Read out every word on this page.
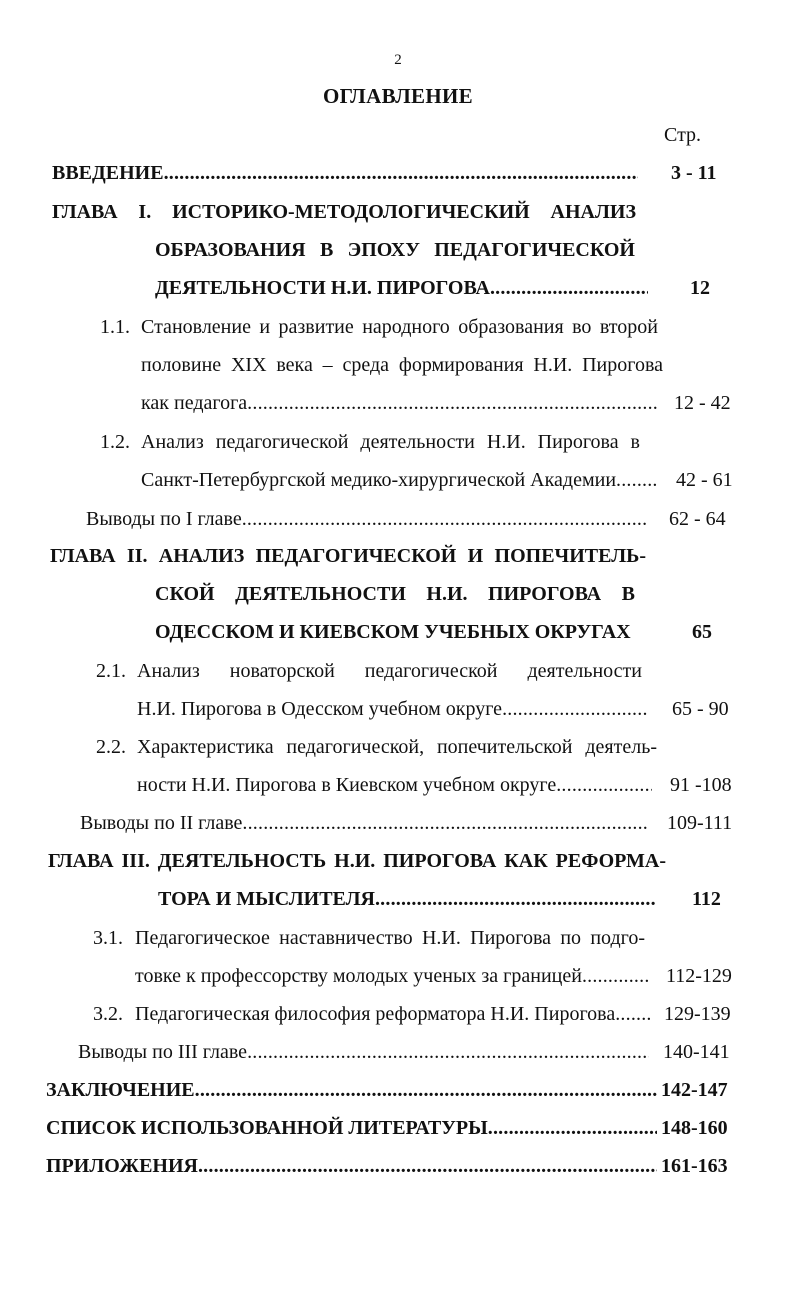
2
ОГЛАВЛЕНИЕ
Стр.
ВВЕДЕНИЕ .....	3 - 11
ГЛАВА I. ИСТОРИКО-МЕТОДОЛОГИЧЕСКИЙ АНАЛИЗ
ОБРАЗОВАНИЯ В ЭПОХУ ПЕДАГОГИЧЕСКОЙ
ДЕЯТЕЛЬНОСТИ Н.И. ПИРОГОВА .....	12
1.1. Становление и развитие народного образования во второй
половине XIX века – среда формирования Н.И. Пирогова
как педагога .....	12 - 42
1.2. Анализ педагогической деятельности Н.И. Пирогова в
Санкт-Петербургской медико-хирургической Академии .....	42 - 61
Выводы по I главе .....	62 - 64
ГЛАВА II. АНАЛИЗ ПЕДАГОГИЧЕСКОЙ И ПОПЕЧИТЕЛЬ-
СКОЙ ДЕЯТЕЛЬНОСТИ Н.И. ПИРОГОВА В
ОДЕССКОМ И КИЕВСКОМ УЧЕБНЫХ ОКРУГАХ	65
2.1. Анализ новаторской педагогической деятельности
Н.И. Пирогова в Одесском учебном округе .....	65 - 90
2.2. Характеристика педагогической, попечительской деятель-
ности Н.И. Пирогова в Киевском учебном округе .....	91 -108
Выводы по II главе .....	109-111
ГЛАВА III. ДЕЯТЕЛЬНОСТЬ Н.И. ПИРОГОВА КАК РЕФОРМА-
ТОРА И МЫСЛИТЕЛЯ .....	112
3.1. Педагогическое наставничество Н.И. Пирогова по подго-
товке к профессорству молодых ученых за границей .....	112-129
3.2. Педагогическая философия реформатора Н.И. Пирогова ..... 129-139
Выводы по III главе .....	140-141
ЗАКЛЮЧЕНИЕ .....	142-147
СПИСОК ИСПОЛЬЗОВАННОЙ ЛИТЕРАТУРЫ .....	148-160
ПРИЛОЖЕНИЯ .....	161-163
